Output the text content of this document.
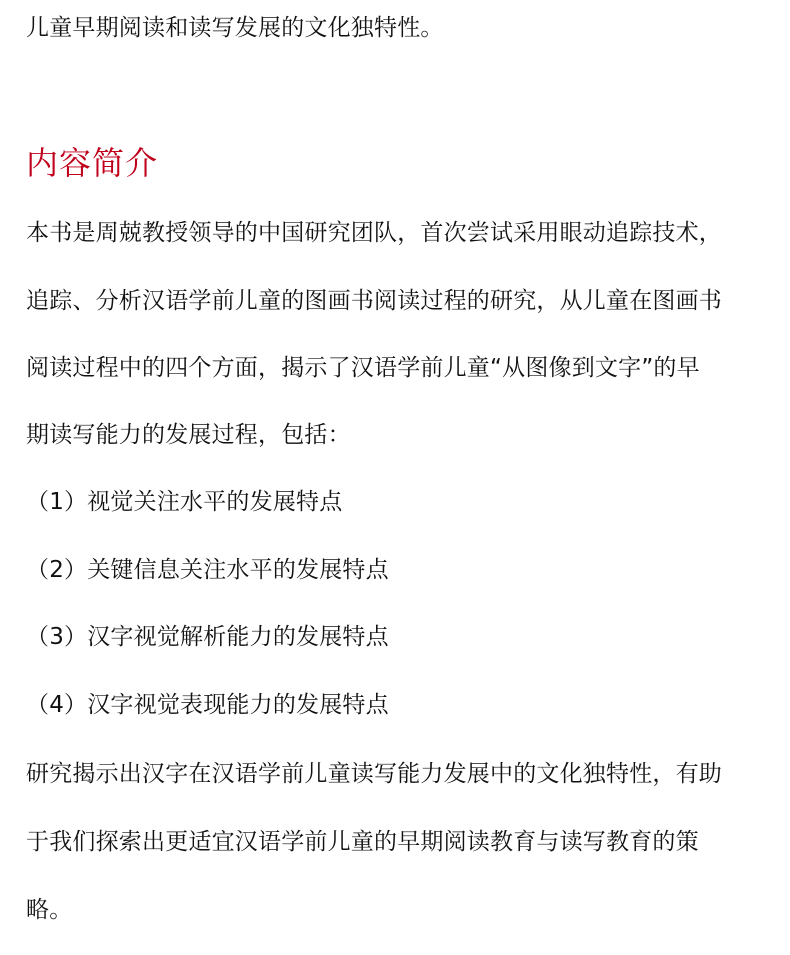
儿童早期阅读和读写发展的文化独特性。
内容简介
本书是周兢教授领导的中国研究团队，首次尝试采用眼动追踪技术，
追踪、分析汉语学前儿童的图画书阅读过程的研究，从儿童在图画书
阅读过程中的四个方面，揭示了汉语学前儿童“从图像到文字”的早
期读写能力的发展过程，包括：
（1）视觉关注水平的发展特点
（2）关键信息关注水平的发展特点
（3）汉字视觉解析能力的发展特点
（4）汉字视觉表现能力的发展特点
研究揭示出汉字在汉语学前儿童读写能力发展中的文化独特性，有助
于我们探索出更适宜汉语学前儿童的早期阅读教育与读写教育的策
略。
